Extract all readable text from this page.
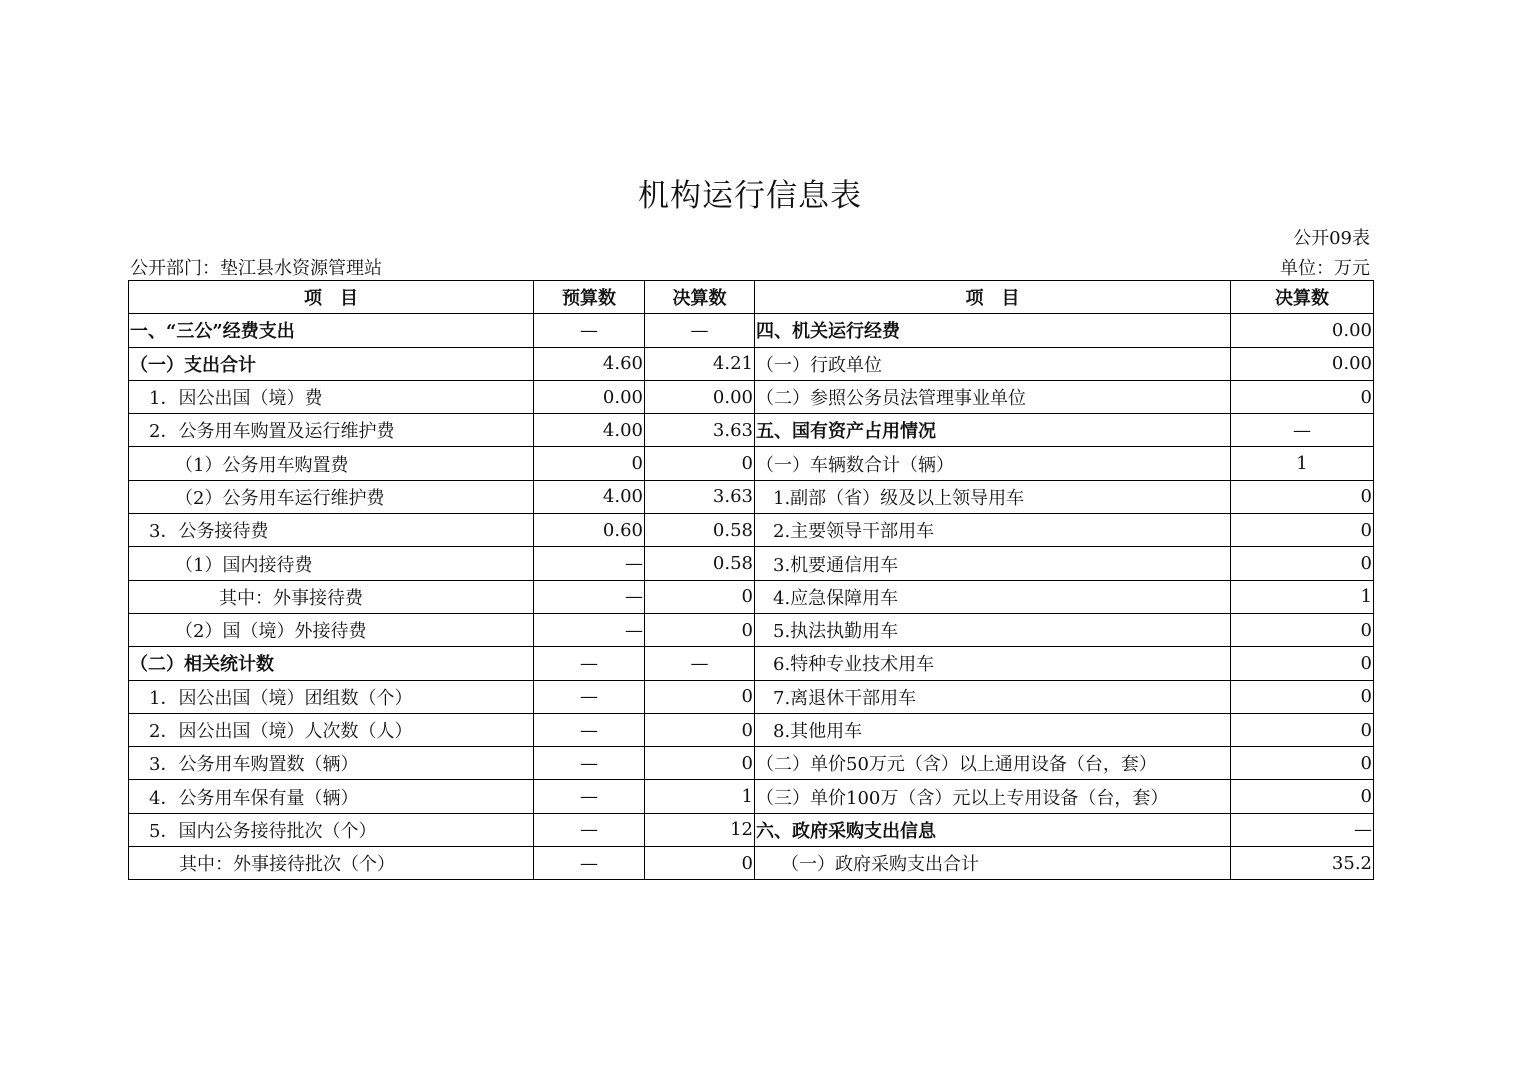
机构运行信息表
公开09表
公开部门：垫江县水资源管理站	单位：万元
项　目	预算数	决算数	项　目	决算数
一、“三公”经费支出	—	—	四、机关运行经费	0.00
（一）支出合计	4.60	4.21	（一）行政单位	0.00
1．因公出国（境）费	0.00	0.00	（二）参照公务员法管理事业单位	0
2．公务用车购置及运行维护费	4.00	3.63	五、国有资产占用情况	—
（1）公务用车购置费	0	0	（一）车辆数合计（辆）	1
（2）公务用车运行维护费	4.00	3.63	1.副部（省）级及以上领导用车	0
3．公务接待费	0.60	0.58	2.主要领导干部用车	0
（1）国内接待费	—	0.58	3.机要通信用车	0
其中：外事接待费	—	0	4.应急保障用车	1
（2）国（境）外接待费	—	0	5.执法执勤用车	0
（二）相关统计数	—	—	6.特种专业技术用车	0
1．因公出国（境）团组数（个）	—	0	7.离退休干部用车	0
2．因公出国（境）人次数（人）	—	0	8.其他用车	0
3．公务用车购置数（辆）	—	0	（二）单价50万元（含）以上通用设备（台，套）	0
4．公务用车保有量（辆）	—	1	（三）单价100万（含）元以上专用设备（台，套）	0
5．国内公务接待批次（个）	—	12	六、政府采购支出信息	—
其中：外事接待批次（个）	—	0	（一）政府采购支出合计	35.2
